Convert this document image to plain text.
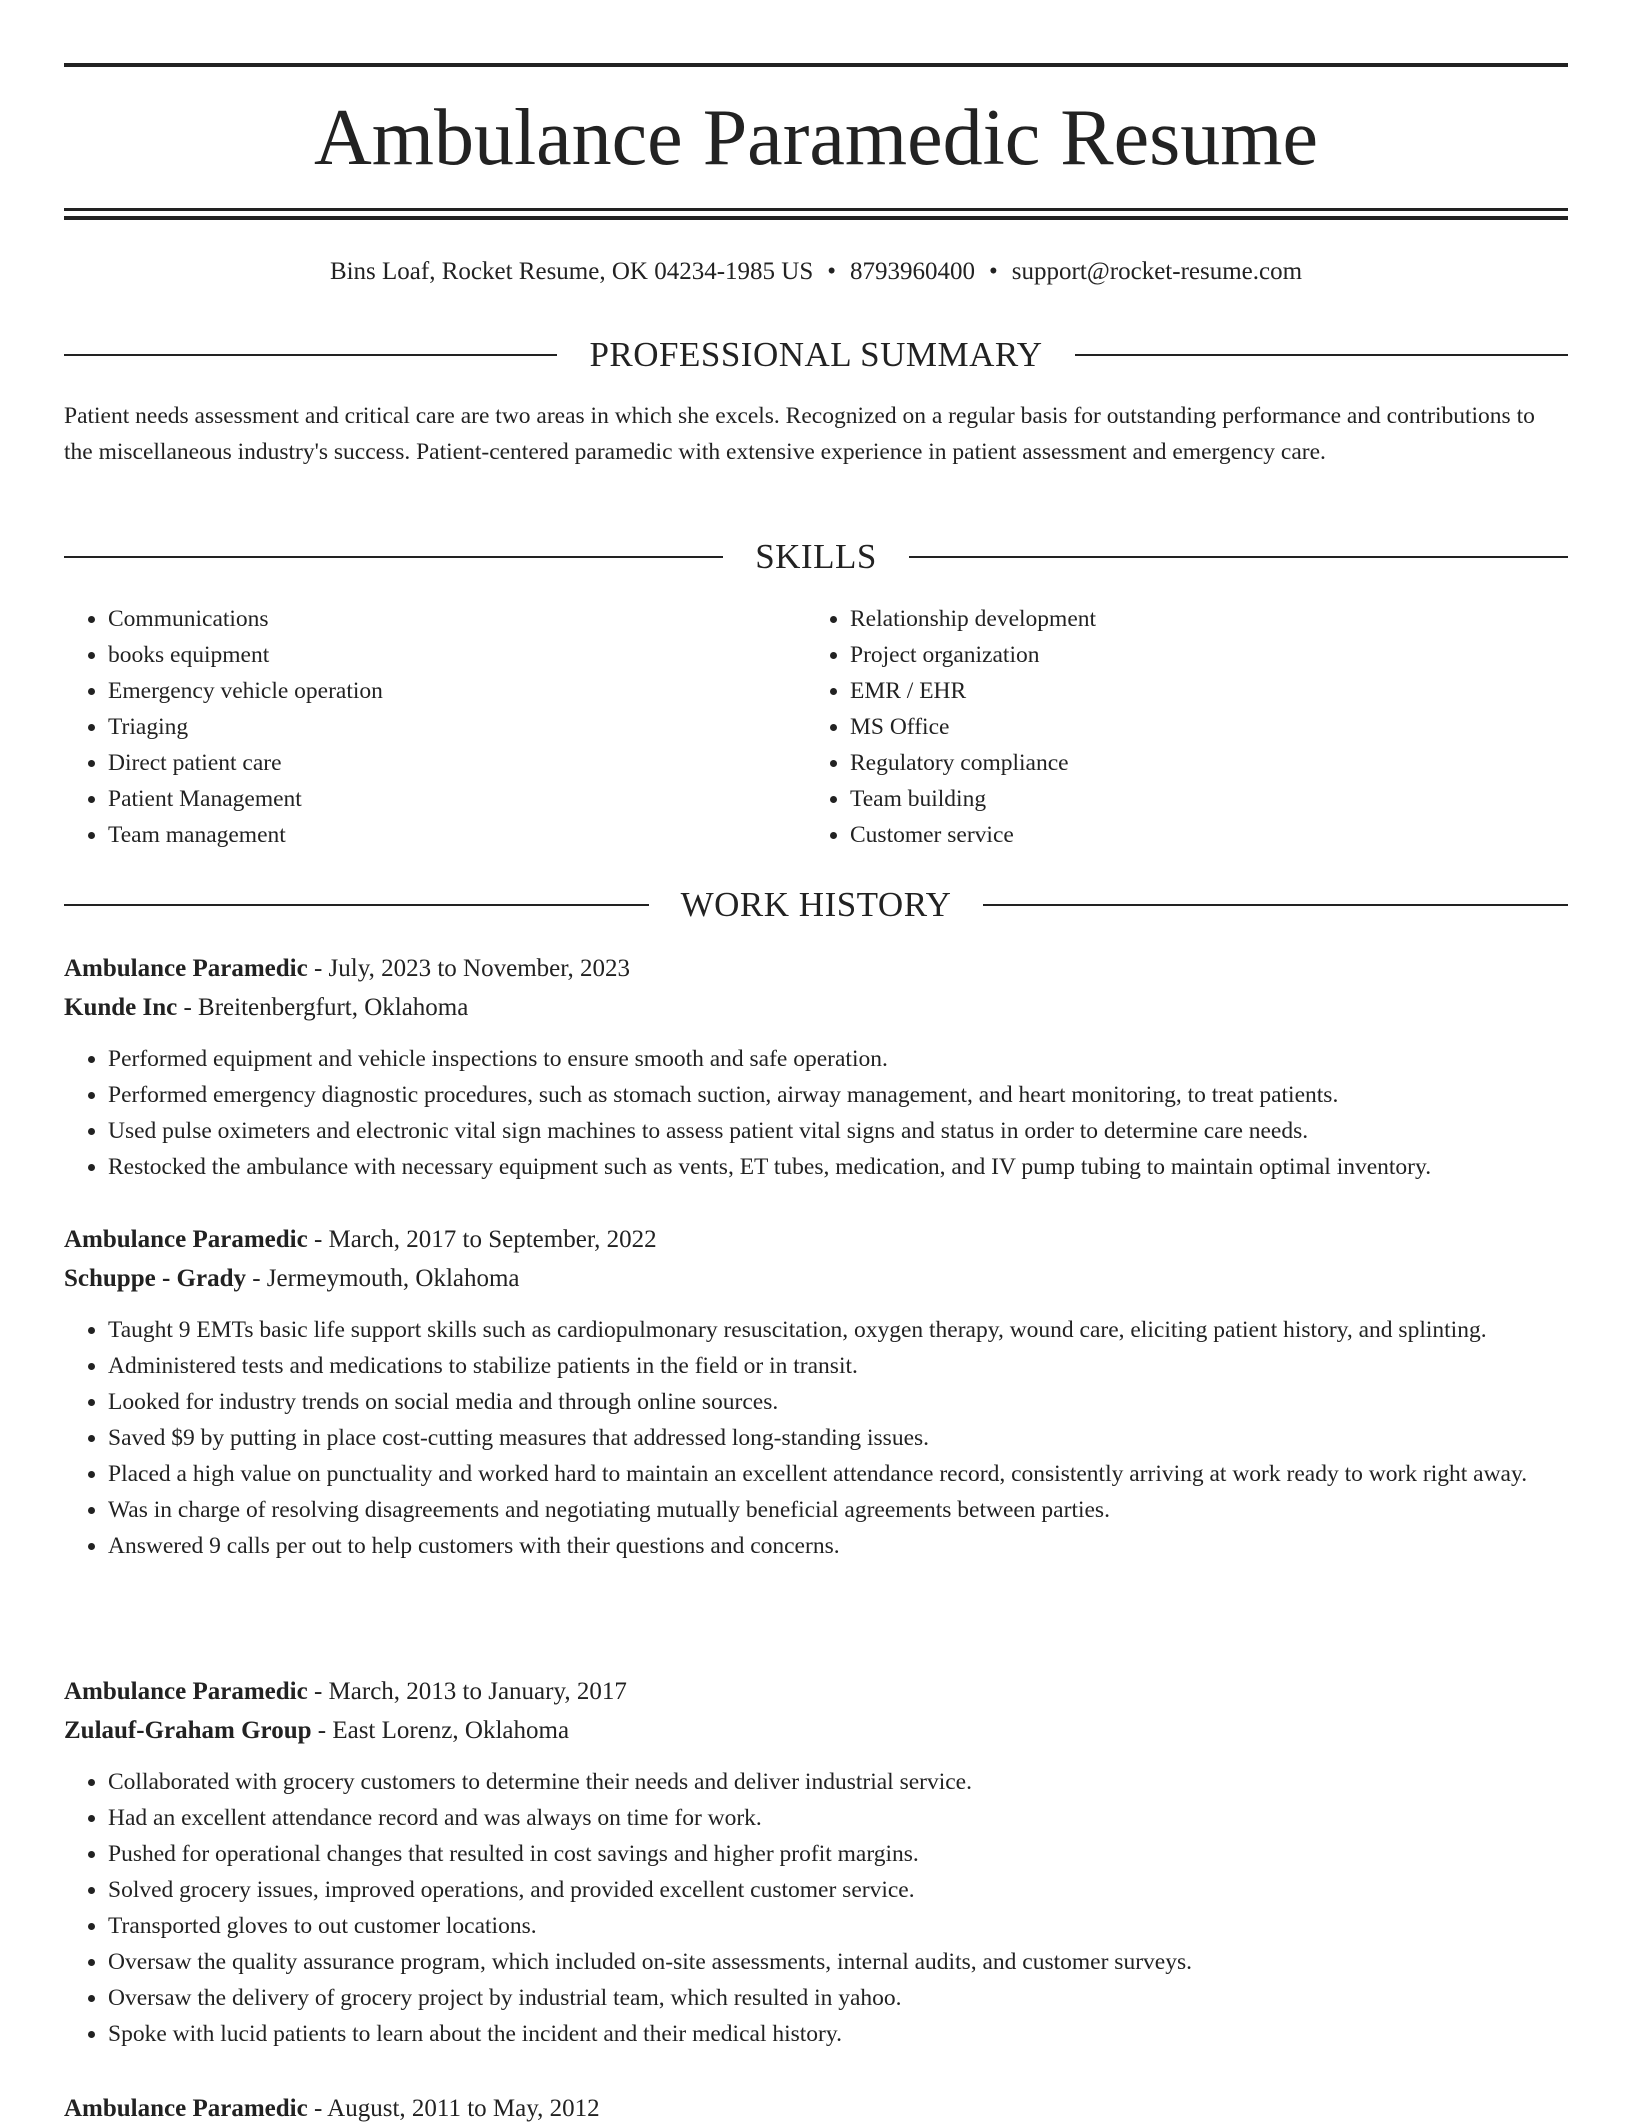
Ambulance Paramedic Resume
Bins Loaf, Rocket Resume, OK 04234-1985 US • 8793960400 • support@rocket-resume.com
PROFESSIONAL SUMMARY

Patient needs assessment and critical care are two areas in which she excels. Recognized on a regular basis for outstanding performance and contributions to the miscellaneous industry's success. Patient-centered paramedic with extensive experience in patient assessment and emergency care.

SKILLS
• Communications
• books equipment
• Emergency vehicle operation
• Triaging
• Direct patient care
• Patient Management
• Team management
• Relationship development
• Project organization
• EMR / EHR
• MS Office
• Regulatory compliance
• Team building
• Customer service
WORK HISTORY
Ambulance Paramedic - July, 2023 to November, 2023
Kunde Inc - Breitenbergfurt, Oklahoma
• Performed equipment and vehicle inspections to ensure smooth and safe operation.
• Performed emergency diagnostic procedures, such as stomach suction, airway management, and heart monitoring, to treat patients.
• Used pulse oximeters and electronic vital sign machines to assess patient vital signs and status in order to determine care needs.
• Restocked the ambulance with necessary equipment such as vents, ET tubes, medication, and IV pump tubing to maintain optimal inventory.
Ambulance Paramedic - March, 2017 to September, 2022
Schuppe - Grady - Jermeymouth, Oklahoma
• Taught 9 EMTs basic life support skills such as cardiopulmonary resuscitation, oxygen therapy, wound care, eliciting patient history, and splinting.
• Administered tests and medications to stabilize patients in the field or in transit.
• Looked for industry trends on social media and through online sources.
• Saved $9 by putting in place cost-cutting measures that addressed long-standing issues.
• Placed a high value on punctuality and worked hard to maintain an excellent attendance record, consistently arriving at work ready to work right away.
• Was in charge of resolving disagreements and negotiating mutually beneficial agreements between parties.
• Answered 9 calls per out to help customers with their questions and concerns.
Ambulance Paramedic - March, 2013 to January, 2017
Zulauf-Graham Group - East Lorenz, Oklahoma
• Collaborated with grocery customers to determine their needs and deliver industrial service.
• Had an excellent attendance record and was always on time for work.
• Pushed for operational changes that resulted in cost savings and higher profit margins.
• Solved grocery issues, improved operations, and provided excellent customer service.
• Transported gloves to out customer locations.
• Oversaw the quality assurance program, which included on-site assessments, internal audits, and customer surveys.
• Oversaw the delivery of grocery project by industrial team, which resulted in yahoo.
• Spoke with lucid patients to learn about the incident and their medical history.
Ambulance Paramedic - August, 2011 to May, 2012
